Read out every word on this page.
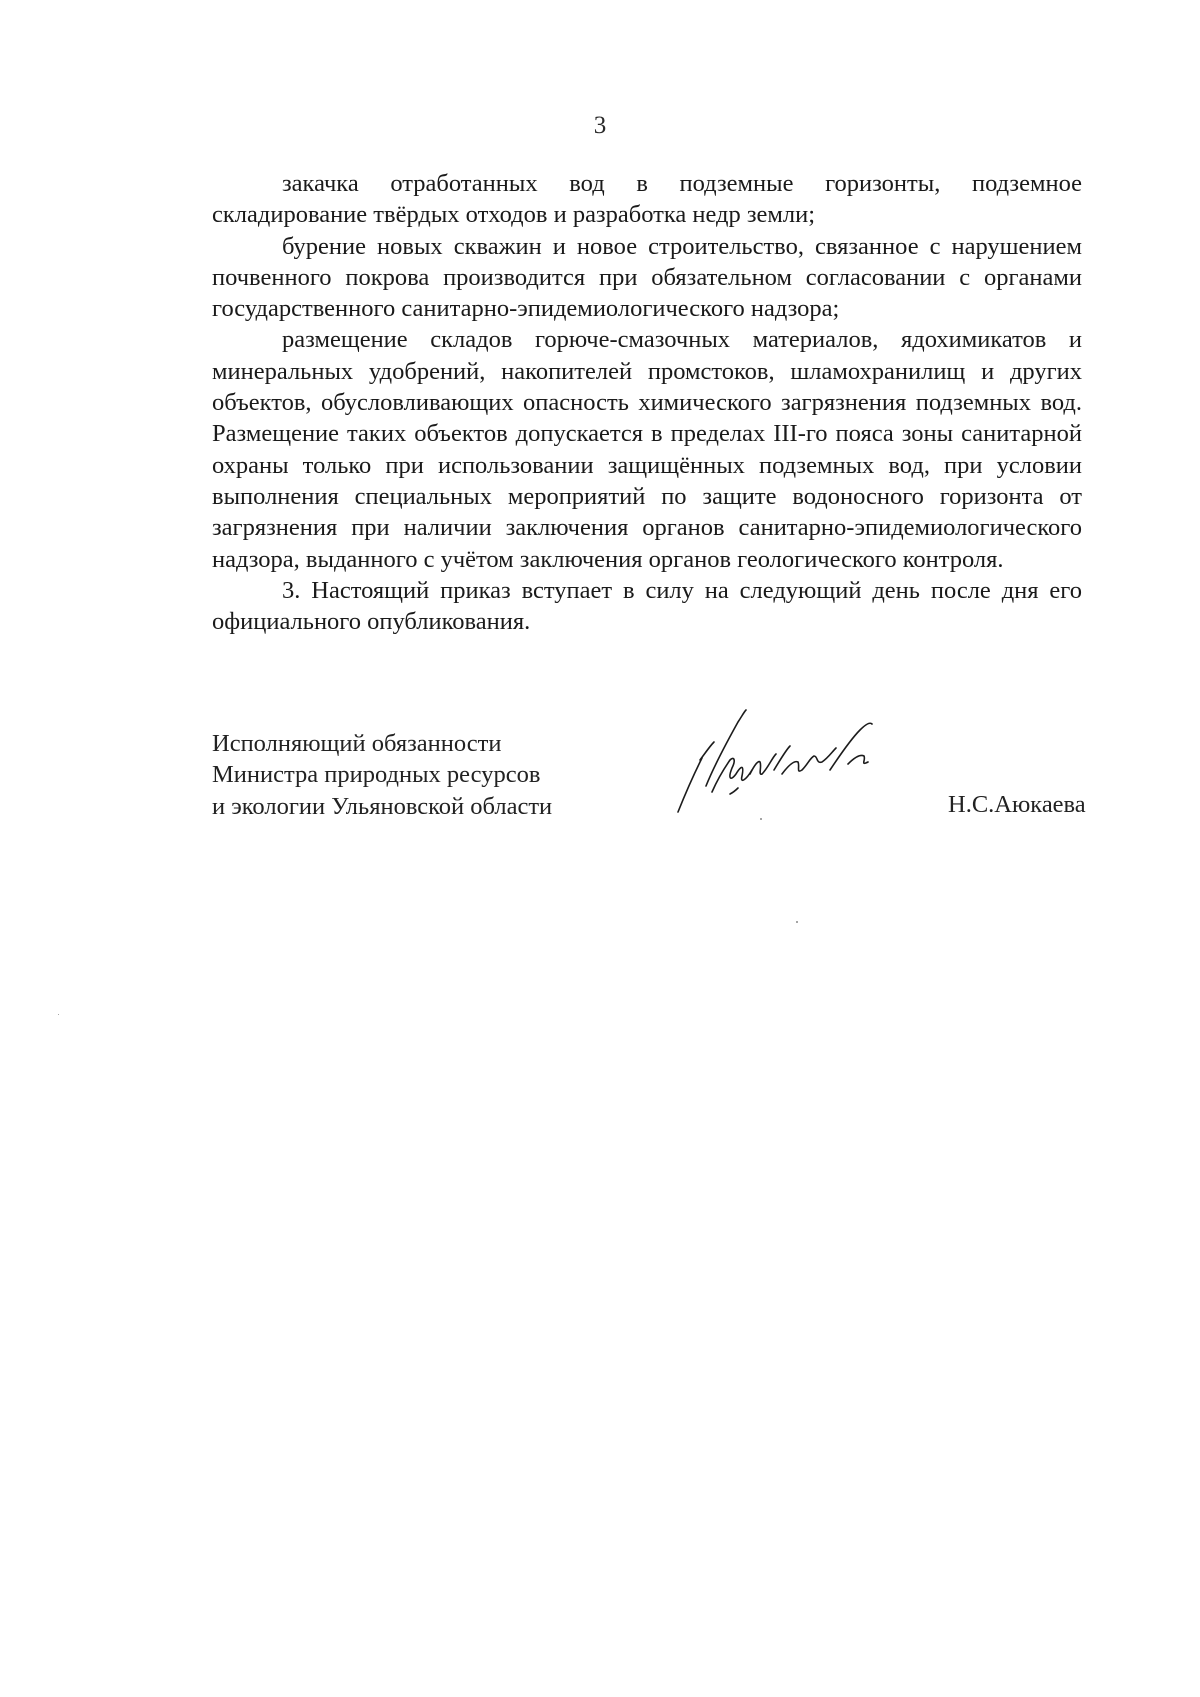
3

закачка отработанных вод в подземные горизонты, подземное складирование твёрдых отходов и разработка недр земли;

бурение новых скважин и новое строительство, связанное с нарушением почвенного покрова производится при обязательном согласовании с органами государственного санитарно-эпидемиологического надзора;

размещение складов горюче-смазочных материалов, ядохимикатов и минеральных удобрений, накопителей промстоков, шламохранилищ и других объектов, обусловливающих опасность химического загрязнения подземных вод. Размещение таких объектов допускается в пределах III-го пояса зоны санитарной охраны только при использовании защищённых подземных вод, при условии выполнения специальных мероприятий по защите водоносного горизонта от загрязнения при наличии заключения органов санитарно-эпидемиологического надзора, выданного с учётом заключения органов геологического контроля.

3. Настоящий приказ вступает в силу на следующий день после дня его официального опубликования.

Исполняющий обязанности
Министра природных ресурсов
и экологии Ульяновской области	Н.С.Аюкаева
